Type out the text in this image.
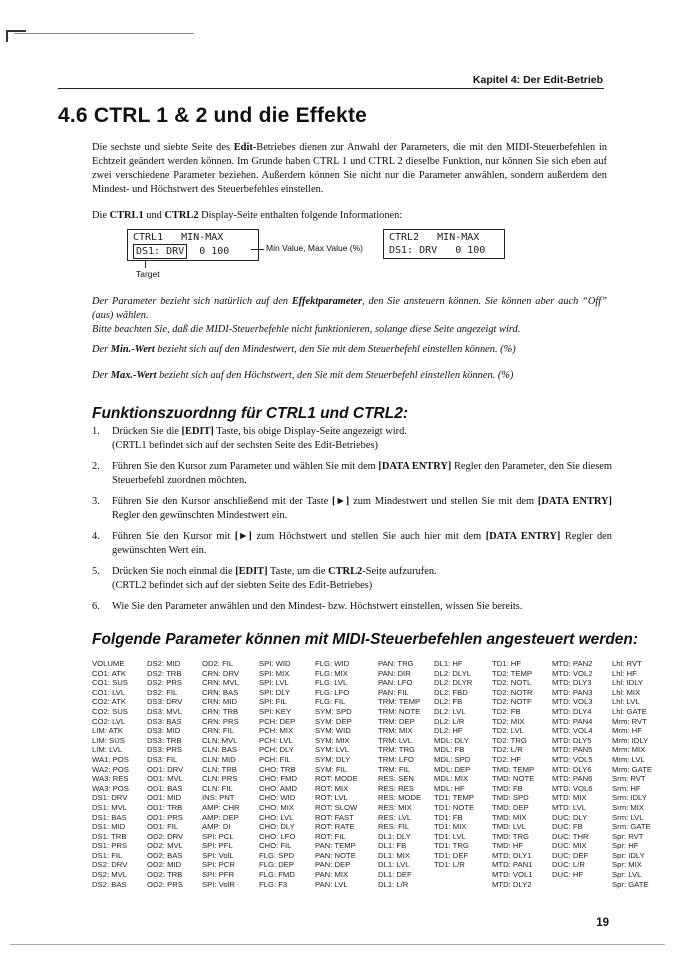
Kapitel 4: Der Edit-Betrieb
4.6 CTRL 1 & 2 und die Effekte
Die sechste und siebte Seite des Edit-Betriebes dienen zur Anwahl der Parameters, die mit den MIDI-Steuerbefehlen in Echtzeit geändert werden können. Im Grunde haben CTRL 1 und CTRL 2 dieselbe Funktion, nur können Sie sich eben auf zwei verschiedene Parameter beziehen. Außerdem können Sie nicht nur die Parameter anwählen, sondern außerdem den Mindest- und Höchstwert des Steuerbefehles einstellen.
Die CTRL1 und CTRL2 Display-Seite enthalten folgende Informationen:
CTRL1   MIN-MAX
DS1: DRV  0 100	Min Value, Max Value (%)
Target
CTRL2   MIN-MAX
DS1: DRV   0 100
Der Parameter bezieht sich natürlich auf den Effektparameter, den Sie ansteuern können. Sie können aber auch “Off” (aus) wählen.
Bitte beachten Sie, daß die MIDI-Steuerbefehle nicht funktionieren, solange diese Seite angezeigt wird.
Der Min.-Wert bezieht sich auf den Mindestwert, den Sie mit dem Steuerbefehl einstellen können. (%)
Der Max.-Wert bezieht sich auf den Höchstwert, den Sie mit dem Steuerbefehl einstellen können. (%)
Funktionszuordnng für CTRL1 und CTRL2:
1. Drücken Sie die [EDIT] Taste, bis obige Display-Seite angezeigt wird.
(CRTL1 befindet sich auf der sechsten Seite des Edit-Betriebes)
2. Führen Sie den Kursor zum Parameter und wählen Sie mit dem [DATA ENTRY] Regler den Parameter, den Sie diesem Steuerbefehl zuordnen möchten.
3. Führen Sie den Kursor anschließend mit der Taste [►] zum Mindestwert und stellen Sie mit dem [DATA ENTRY] Regler den gewünschten Mindestwert ein.
4. Führen Sie den Kursor mit [►] zum Höchstwert und stellen Sie auch hier mit dem [DATA ENTRY] Regler den gewünschten Wert ein.
5. Drücken Sie noch einmal die [EDIT] Taste, um die CTRL2-Seite aufzurufen.
(CRTL2 befindet sich auf der siebten Seite des Edit-Betriebes)
6. Wie Sie den Parameter anwählen und den Mindest- bzw. Höchstwert einstellen, wissen Sie bereits.
Folgende Parameter können mit MIDI-Steuerbefehlen angesteuert werden:
VOLUME
CO1: ATK
CO1: SUS
CO1: LVL
CO2: ATK
CO2: SUS
CO2: LVL
LIM: ATK
LIM: SUS
LIM: LVL
WA1: POS
WA2: POS
WA3: RES
WA3: POS
DS1: DRV
DS1: MVL
DS1: BAS
DS1: MID
DS1: TRB
DS1: PRS
DS1: FIL
DS2: DRV
DS2: MVL
DS2: BAS
DS2: MID
DS2: TRB
DS2: PRS
DS2: FIL
DS3: DRV
DS3: MVL
DS3: BAS
DS3: MID
DS3: TRB
DS3: PRS
DS3: FIL
OD1: DRV
OD1: MVL
OD1: BAS
OD1: MID
OD1: TRB
OD1: PRS
OD1: FIL
OD2: DRV
OD2: MVL
OD2: BAS
OD2: MID
OD2: TRB
OD2: PRS
OD2: FIL
CRN: DRV
CRN: MVL
CRN: BAS
CRN: MID
CRN: TRB
CRN: PRS
CRN: FIL
CLN: MVL
CLN: BAS
CLN: MID
CLN: TRB
CLN: PRS
CLN: FIL
INS: PNT
AMP: CHR
AMP: DEP
AMP: DI
SPI: PCL
SPI: PFL
SPI: VolL
SPI: PCR
SPI: PFR
SPI: VolR
SPI: WID
SPI: MIX
SPI: LVL
SPI: DLY
SPI: FIL
SPI: KEY
PCH: DEP
PCH: MIX
PCH: LVL
PCH: DLY
PCH: FIL
CHO: TRB
CHO: FMD
CHO: AMD
CHO: WID
CHO: MIX
CHO: LVL
CHO: DLY
CHO: LFO
CHO: FIL
FLG: SPD
FLG: DEP
FLG: FMD
FLG: F3
FLG: WID
FLG: MIX
FLG: LVL
FLG: LFO
FLG: FIL
SYM: SPD
SYM: DEP
SYM: WID
SYM: MIX
SYM: LVL
SYM: DLY
SYM: FIL
ROT: MODE
ROT: MIX
ROT: LVL
ROT: SLOW
ROT: FAST
ROT: RATE
ROT: FIL
PAN: TEMP
PAN: NOTE
PAN: DEP
PAN: MIX
PAN: LVL
PAN: TRG
PAN: DIR
PAN: LFO
PAN: FIL
TRM: TEMP
TRM: NOTE
TRM: DEP
TRM: MIX
TRM: LVL
TRM: TRG
TRM: LFO
TRM: FIL
RES: SEN
RES: RES
RES: MODE
RES: MIX
RES: LVL
RES: FIL
DL1: DLY
DL1: FB
DL1: MIX
DL1: LVL
DL1: DEF
DL1: L/R
DL1: HF
DL2: DLYL
DL2: DLYR
DL2: FBD
DL2: FB
DL2: LVL
DL2: L/R
DL2: HF
MDL: DLY
MDL: FB
MDL: SPD
MDL: DEP
MDL: MIX
MDL: HF
TD1: TEMP
TD1: NOTE
TD1: FB
TD1: MIX
TD1: LVL
TD1: TRG
TD1: DEF
TD1: L/R
TD1: HF
TD2: TEMP
TD2: NOTL
TD2: NOTR
TD2: NOTF
TD2: FB
TD2: MIX
TD2: LVL
TD2: TRG
TD2: L/R
TD2: HF
TMD: TEMP
TMD: NOTE
TMD: FB
TMD: SPD
TMD: DEP
TMD: MIX
TMD: LVL
TMD: TRG
TMD: HF
MTD: DLY1
MTD: PAN1
MTD: VOL1
MTD: DLY2
MTD: PAN2
MTD: VOL2
MTD: DLY3
MTD: PAN3
MTD: VOL3
MTD: DLY4
MTD: PAN4
MTD: VOL4
MTD: DLY5
MTD: PAN5
MTD: VOL5
MTD: DLY6
MTD: PAN6
MTD: VOL6
MTD: MIX
MTD: LVL
DUC: DLY
DUC: FB
DUC: THR
DUC: MIX
DUC: DEF
DUC: L/R
DUC: HF
Lhl: RVT
Lhl: HF
Lhl: IDLY
Lhl: MIX
Lhl: LVL
Lhl: GATE
Mrm: RVT
Mrm: HF
Mrm: IDLY
Mrm: MIX
Mrm: LVL
Mrm: GATE
Srm: RVT
Srm: HF
Srm: IDLY
Srm: MIX
Srm: LVL
Srm: GATE
Spr: RVT
Spr: HF
Spr: IDLY
Spr: MIX
Spr: LVL
Spr: GATE
19
